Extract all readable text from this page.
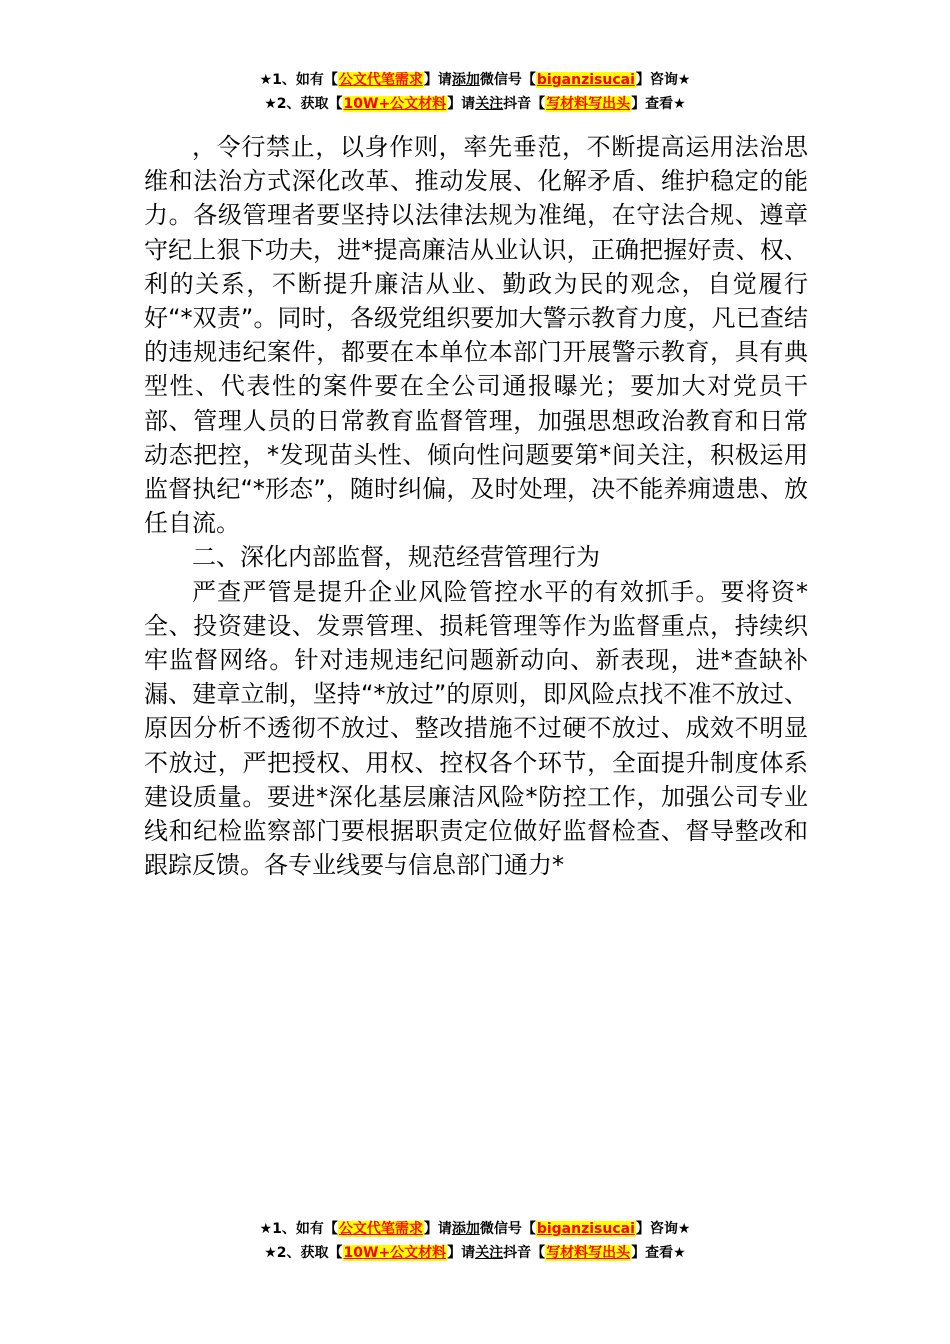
★1、如有【公文代笔需求】请添加微信号【biganzisucai】咨询★
★2、获取【10W+公文材料】请关注抖音【写材料写出头】查看★

，令行禁止，以身作则，率先垂范，不断提高运用法治思维和法治方式深化改革、推动发展、化解矛盾、维护稳定的能力。各级管理者要坚持以法律法规为准绳，在守法合规、遵章守纪上狠下功夫，进*提高廉洁从业认识，正确把握好责、权、利的关系，不断提升廉洁从业、勤政为民的观念，自觉履行好“*双责”。同时，各级党组织要加大警示教育力度，凡已查结的违规违纪案件，都要在本单位本部门开展警示教育，具有典型性、代表性的案件要在全公司通报曝光；要加大对党员干部、管理人员的日常教育监督管理，加强思想政治教育和日常动态把控，*发现苗头性、倾向性问题要第*间关注，积极运用监督执纪“*形态”，随时纠偏，及时处理，决不能养痈遗患、放任自流。

二、深化内部监督，规范经营管理行为

严查严管是提升企业风险管控水平的有效抓手。要将资*全、投资建设、发票管理、损耗管理等作为监督重点，持续织牢监督网络。针对违规违纪问题新动向、新表现，进*查缺补漏、建章立制，坚持“*放过”的原则，即风险点找不准不放过、原因分析不透彻不放过、整改措施不过硬不放过、成效不明显不放过，严把授权、用权、控权各个环节，全面提升制度体系建设质量。要进*深化基层廉洁风险*防控工作，加强公司专业线和纪检监察部门要根据职责定位做好监督检查、督导整改和跟踪反馈。各专业线要与信息部门通力*

★1、如有【公文代笔需求】请添加微信号【biganzisucai】咨询★
★2、获取【10W+公文材料】请关注抖音【写材料写出头】查看★
